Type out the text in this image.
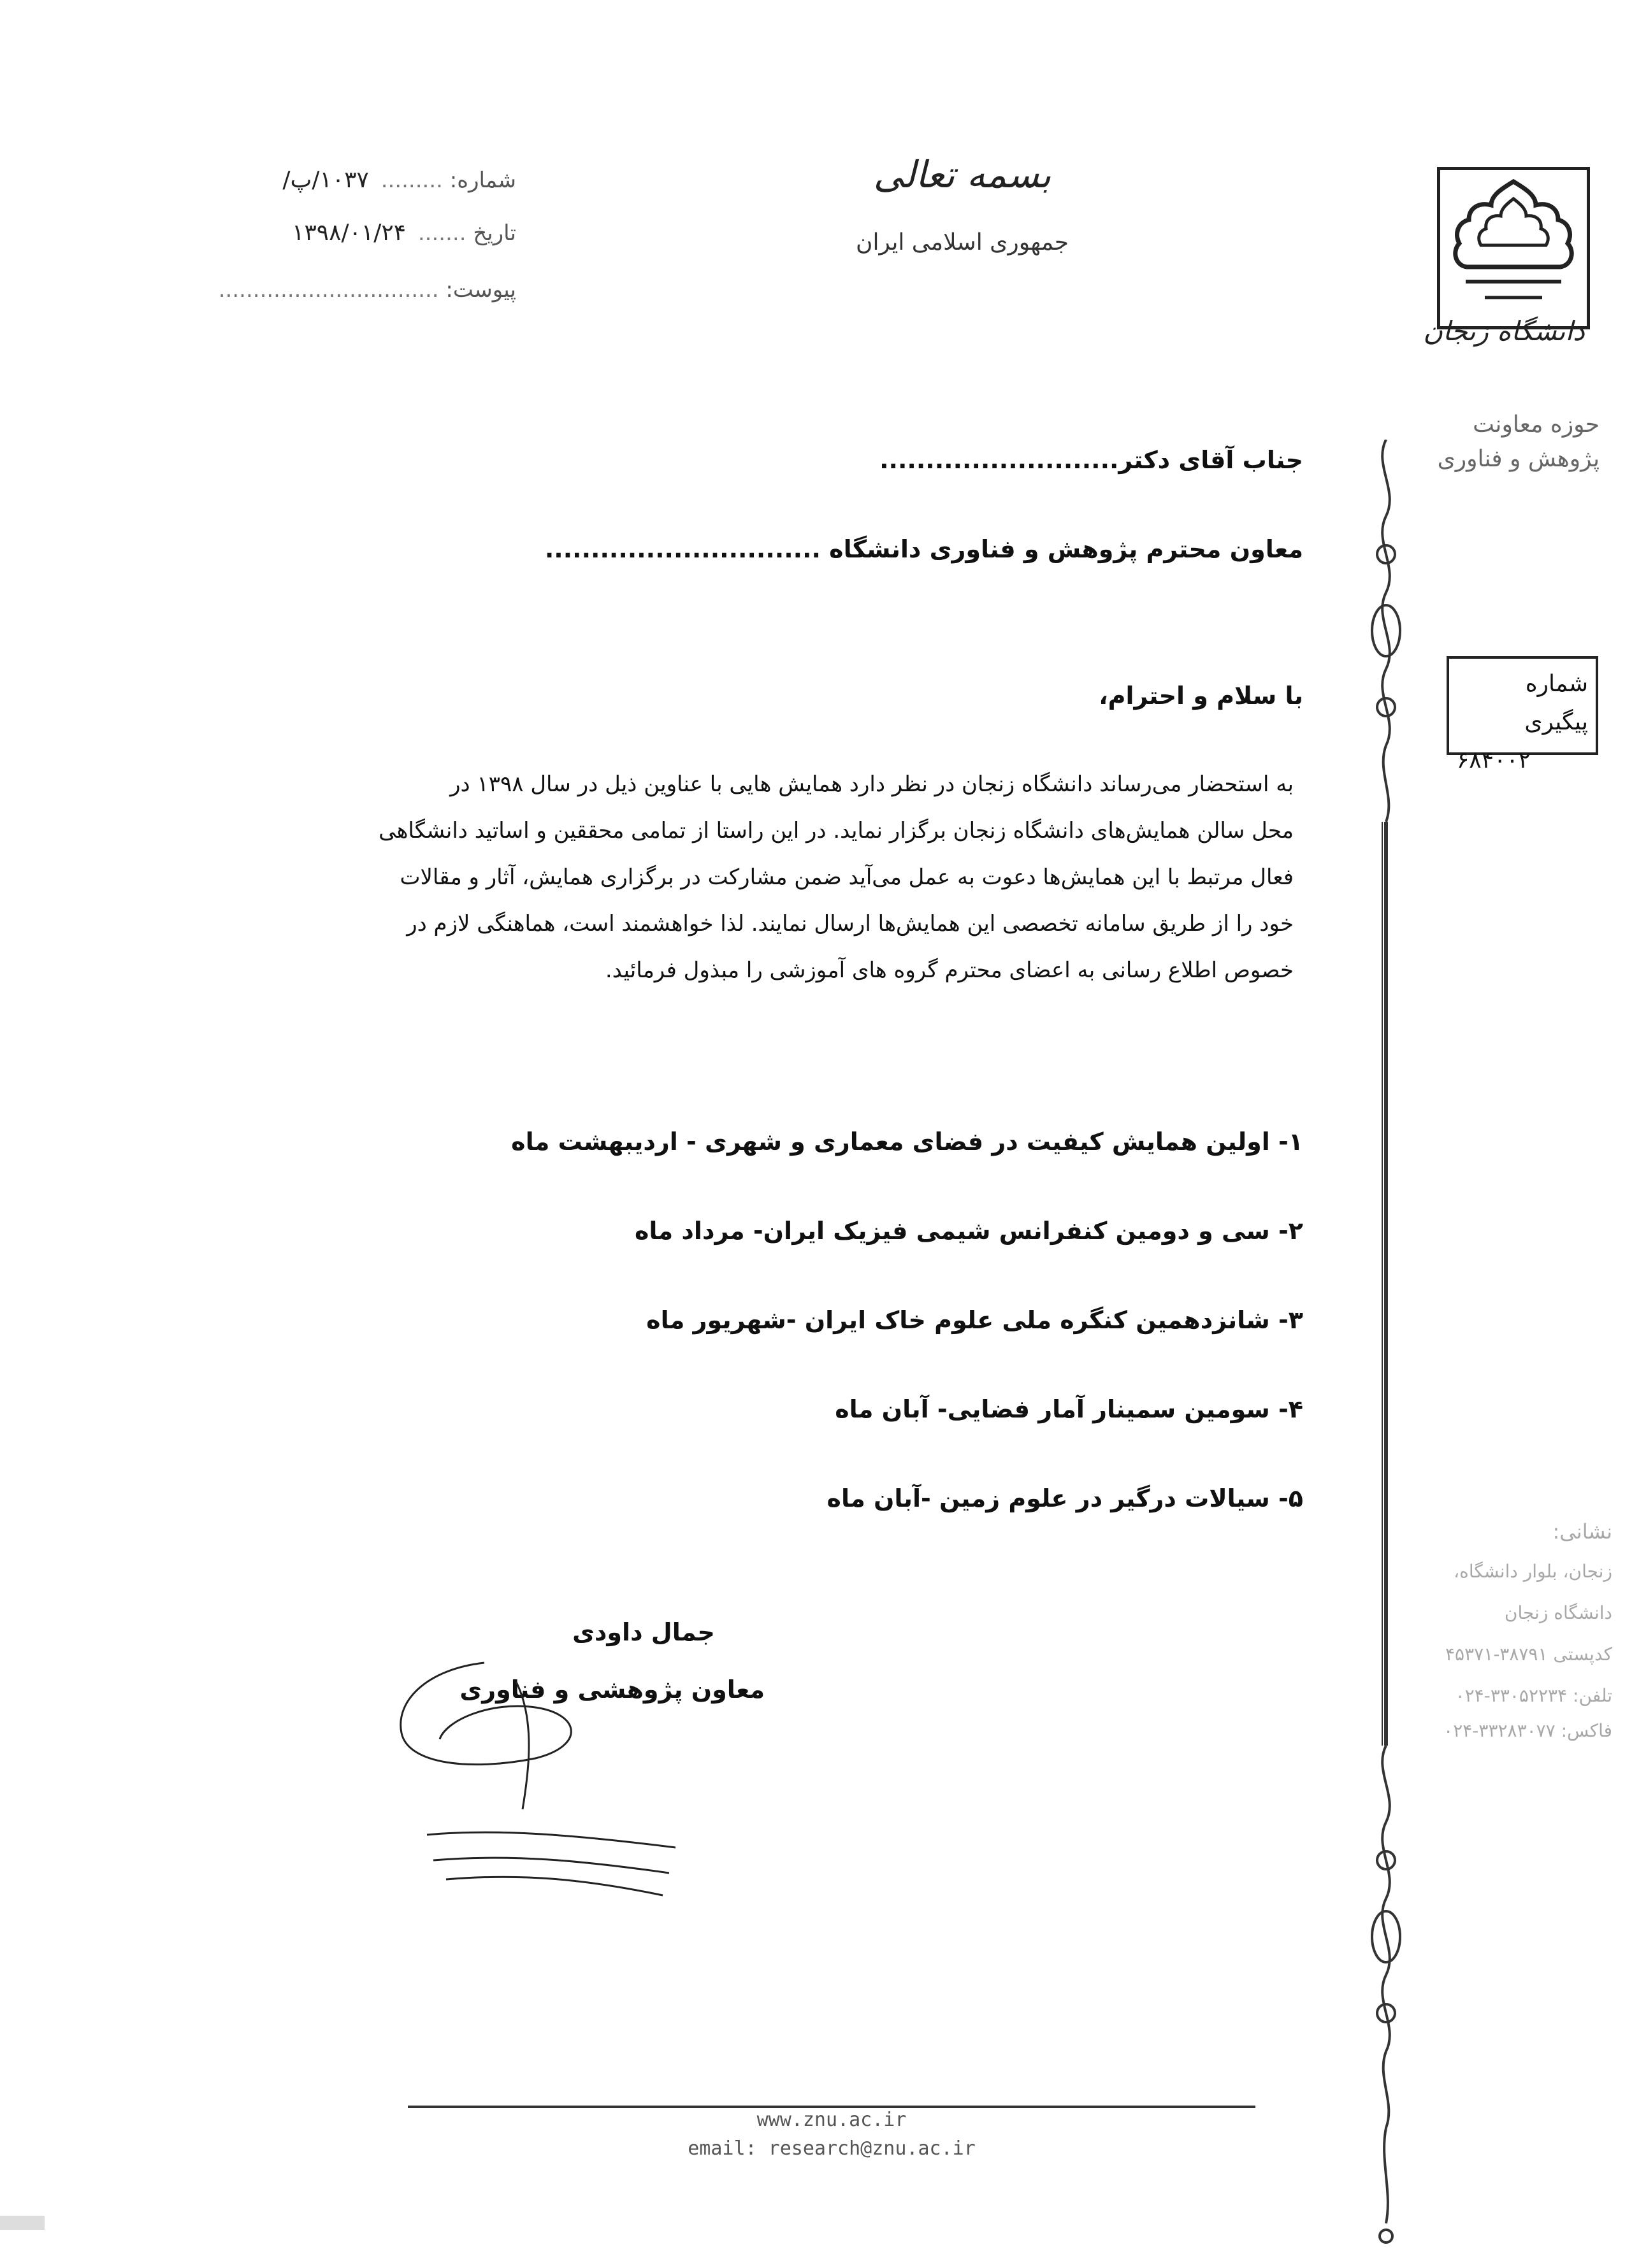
شماره: ......... ۱۰۳۷/پ/
تاریخ ....... ۱۳۹۸/۰۱/۲۴
پیوست: ................................
بسمه تعالی
جمهوری اسلامی ایران
دانشگاه زنجان
حوزه معاونت
پژوهش و فناوری
شماره پیگیری
۶۸۴۰۰۲
جناب آقای دکتر..........................
معاون محترم پژوهش و فناوری دانشگاه ..............................
با سلام و احترام،
به استحضار می‌رساند دانشگاه زنجان در نظر دارد همایش هایی با عناوین ذیل در سال ۱۳۹۸ در
محل سالن همایش‌های دانشگاه زنجان برگزار نماید. در این راستا از تمامی محققین و اساتید دانشگاهی
فعال مرتبط با این همایش‌ها دعوت به عمل می‌آید ضمن مشارکت در برگزاری همایش، آثار و مقالات
خود را از طریق سامانه تخصصی این همایش‌ها ارسال نمایند. لذا خواهشمند است، هماهنگی لازم در
خصوص اطلاع رسانی به اعضای محترم گروه های آموزشی را مبذول فرمائید.
۱- اولین همایش کیفیت در فضای معماری و شهری - اردیبهشت ماه
۲- سی و دومین کنفرانس شیمی فیزیک ایران- مرداد ماه
۳- شانزدهمین کنگره ملی علوم خاک ایران -شهریور ماه
۴- سومین سمینار آمار فضایی- آبان ماه
۵- سیالات درگیر در علوم زمین -آبان ماه
جمال داودی
معاون پژوهشی و فناوری
نشانی:
زنجان، بلوار دانشگاه،
دانشگاه زنجان
کدپستی ۳۸۷۹۱-۴۵۳۷۱
تلفن: ۳۳۰۵۲۲۳۴-۰۲۴
فاکس: ۳۳۲۸۳۰۷۷-۰۲۴
www.znu.ac.ir
email: research@znu.ac.ir
